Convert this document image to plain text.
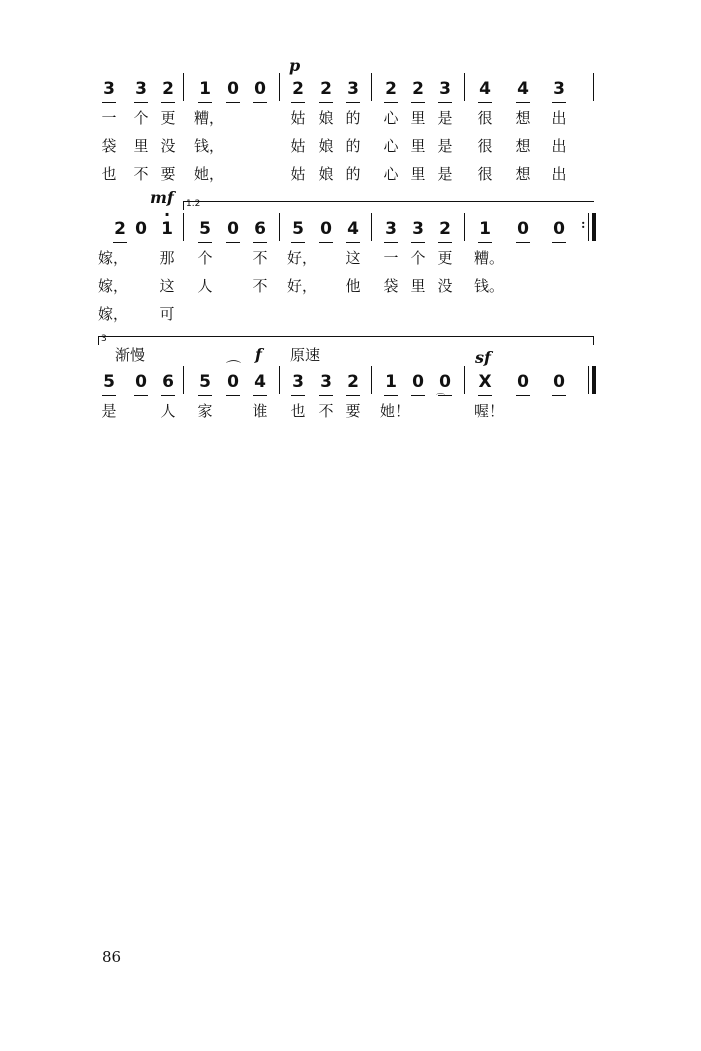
p
3 3 2 1 0 0 2 2 3 2 2 3 4 4 3
一 个 更 糟，	姑 娘 的 心 里 是 很 想 出
袋 里 没 钱，	姑 娘 的 心 里 是 很 想 出
也 不 要 她，	姑 娘 的 心 里 是 很 想 出
mf 1.2
2 0
· 1 5 0 6 5 0 4 3 3 2 1 0 0	:
嫁， 那 个	不 好， 这 一 个 更 糟。
嫁， 这 人	不 好， 他 袋 里 没 钱。
嫁， 可
3
渐慢	f 原速	sf
5 0 6 5
⌒
0 4 3 3 2 1 0 0
⌒
X 0 0
是	人 家	谁 也 不 要 她！	喔！
86
